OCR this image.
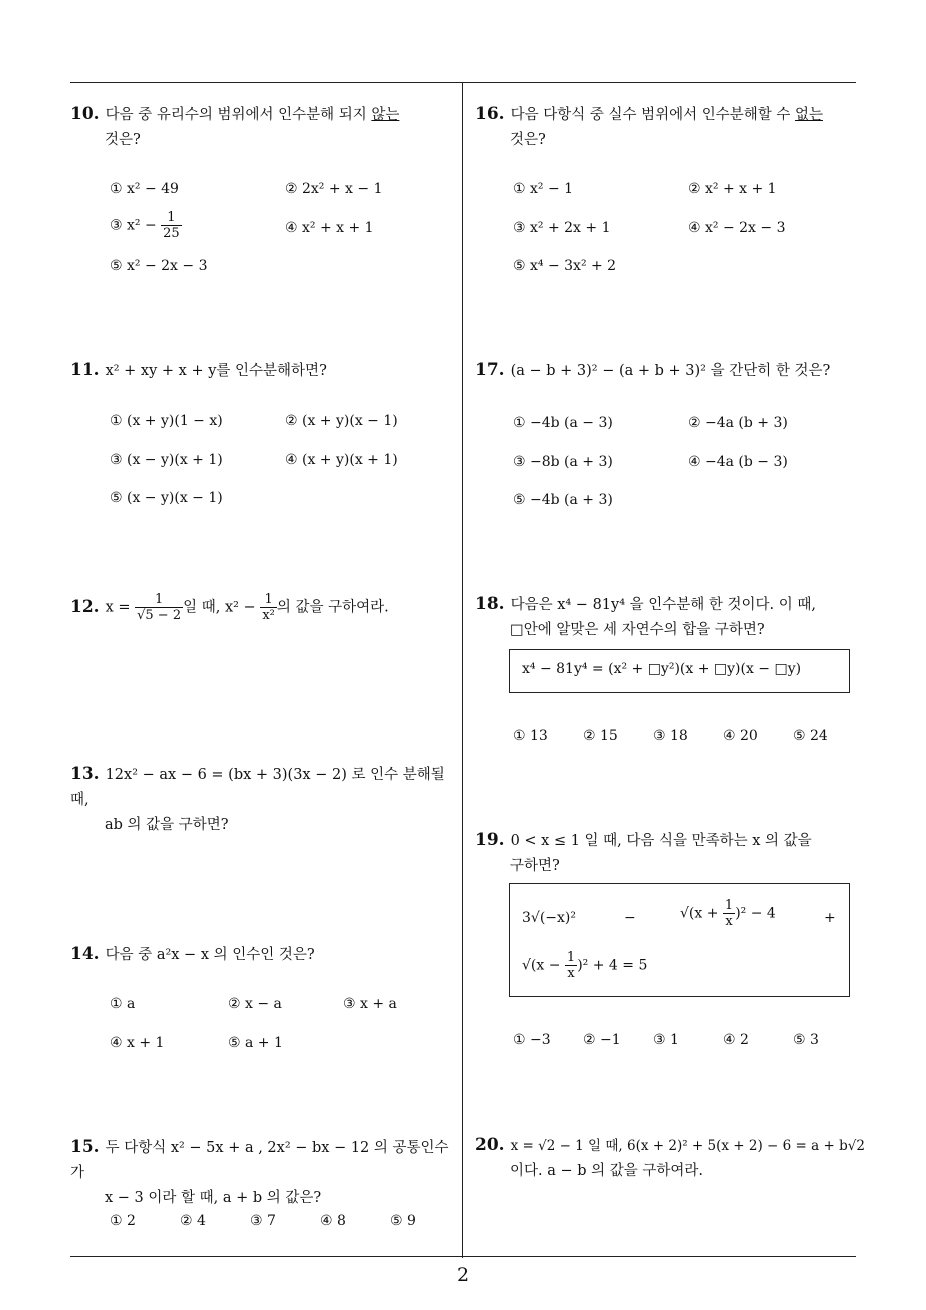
2
10. 다음 중 유리수의 범위에서 인수분해 되지 않는
것은?
① x² − 49	② 2x² + x − 1
③ $x^2 - \frac{1}{25}$	④ x² + x + 1
⑤ x² − 2x − 3
11. x² + xy + x + y를 인수분해하면?
① (x + y)(1 − x)	② (x + y)(x − 1)
③ (x − y)(x + 1)	④ (x + y)(x + 1)
⑤ (x − y)(x − 1)
12. $x = \frac{1}{√5 - 2}$ 일 때, $x^2 - \frac{1}{\text{x²}}$ 의 값을 구하여라.
13. 12x² − ax − 6 = (bx + 3)(3x − 2) 로 인수 분해될 때,
ab 의 값을 구하면?
14. 다음 중 a²x − x 의 인수인 것은?
① a	② x − a	③ x + a
④ x + 1	⑤ a + 1
15. 두 다항식 x² − 5x + a , 2x² − bx − 12 의 공통인수가
x − 3 이라 할 때, a + b 의 값은?
① 2	② 4	③ 7	④ 8	⑤ 9
16. 다음 다항식 중 실수 범위에서 인수분해할 수 없는
것은?
① x² − 1	② x² + x + 1
③ x² + 2x + 1	④ x² − 2x − 3
⑤ x⁴ − 3x² + 2
17. (a − b + 3)² − (a + b + 3)² 을 간단히 한 것은?
① −4b (a − 3)	② −4a (b + 3)
③ −8b (a + 3)	④ −4a (b − 3)
⑤ −4b (a + 3)
18. 다음은 x⁴ − 81y⁴ 을 인수분해 한 것이다. 이 때,
□안에 알맞은 세 자연수의 합을 구하면?
x⁴ − 81y⁴ = (x² + □y²)(x + □y)(x − □y)
① 13	② 15	③ 18	④ 20	⑤ 24
19. 0 < x ≤ 1 일 때, 다음 식을 만족하는 x 의 값을
구하면?
3√(−x)²	−	$√(x + \frac{1}{x} )^2 - 4$	+
$√(x - \frac{1}{x} )^2 + 4 = 5$
① −3 ② −1 ③ 1	④ 2	⑤ 3
20. x = √2 − 1 일 때, 6(x + 2)² + 5(x + 2) − 6 = a + b√2
이다. a − b 의 값을 구하여라.
